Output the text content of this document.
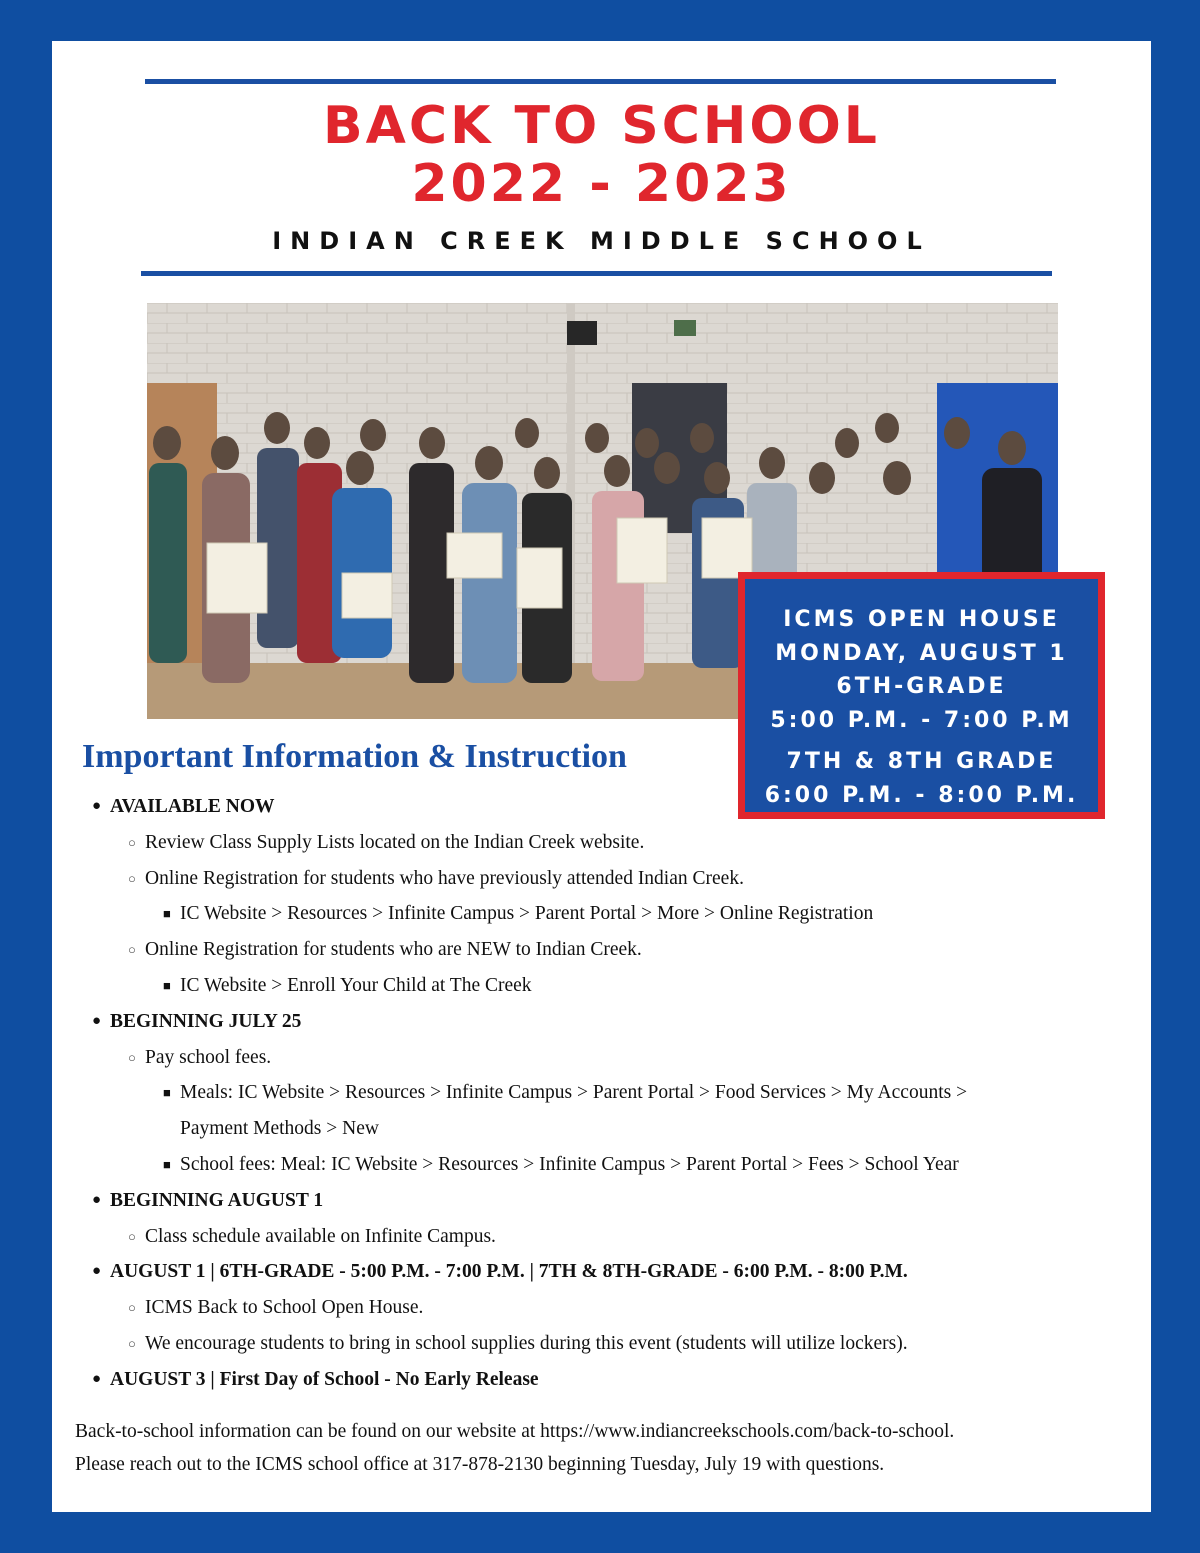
BACK TO SCHOOL
2022 - 2023
INDIAN CREEK MIDDLE SCHOOL
ICMS OPEN HOUSE
MONDAY, AUGUST 1
6TH-GRADE
5:00 P.M. - 7:00 P.M
7TH & 8TH GRADE
6:00 P.M. - 8:00 P.M.
Important Information & Instruction
● AVAILABLE NOW
○ Review Class Supply Lists located on the Indian Creek website.
○ Online Registration for students who have previously attended Indian Creek.
■ IC Website > Resources > Infinite Campus > Parent Portal > More > Online Registration
○ Online Registration for students who are NEW to Indian Creek.
■ IC Website > Enroll Your Child at The Creek
● BEGINNING JULY 25
○ Pay school fees.
■ Meals: IC Website > Resources > Infinite Campus > Parent Portal > Food Services > My Accounts >
Payment Methods > New
■ School fees: Meal: IC Website > Resources > Infinite Campus > Parent Portal > Fees > School Year
● BEGINNING AUGUST 1
○ Class schedule available on Infinite Campus.
● AUGUST 1 | 6TH-GRADE - 5:00 P.M. - 7:00 P.M. | 7TH & 8TH-GRADE - 6:00 P.M. - 8:00 P.M.
○ ICMS Back to School Open House.
○ We encourage students to bring in school supplies during this event (students will utilize lockers).
● AUGUST 3 | First Day of School - No Early Release
Back-to-school information can be found on our website at https://www.indiancreekschools.com/back-to-school.
Please reach out to the ICMS school office at 317-878-2130 beginning Tuesday, July 19 with questions.
